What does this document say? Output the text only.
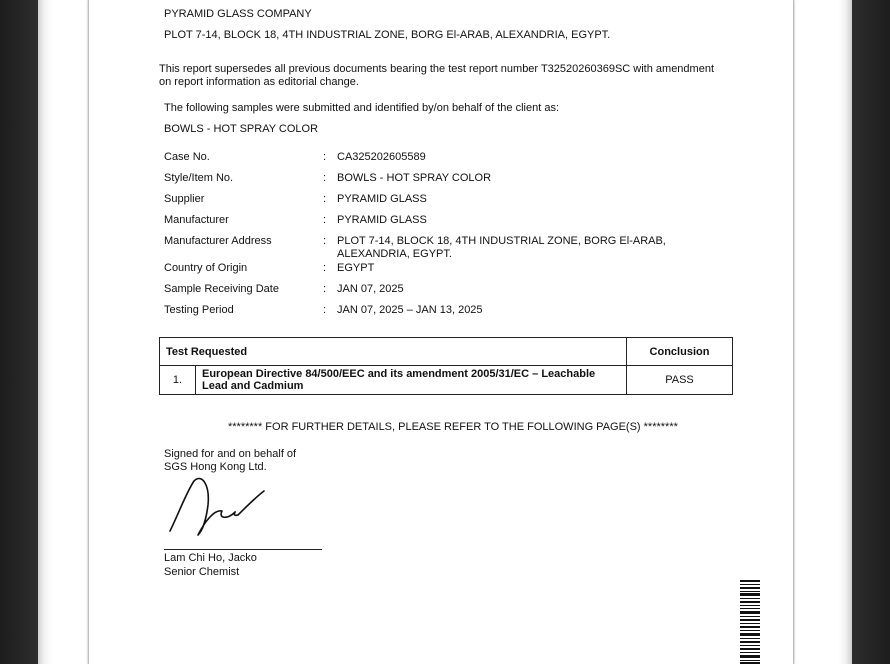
PYRAMID GLASS COMPANY
PLOT 7-14, BLOCK 18, 4TH INDUSTRIAL ZONE, BORG El-ARAB, ALEXANDRIA, EGYPT.
This report supersedes all previous documents bearing the test report number T32520260369SC with amendment on report information as editorial change.
The following samples were submitted and identified by/on behalf of the client as:
BOWLS - HOT SPRAY COLOR
Case No.	: CA325202605589
Style/Item No.	: BOWLS - HOT SPRAY COLOR
Supplier	: PYRAMID GLASS
Manufacturer	: PYRAMID GLASS
Manufacturer Address	: PLOT 7-14, BLOCK 18, 4TH INDUSTRIAL ZONE, BORG El-ARAB, ALEXANDRIA, EGYPT.
Country of Origin	: EGYPT
Sample Receiving Date	: JAN 07, 2025
Testing Period	: JAN 07, 2025 – JAN 13, 2025
Test Requested		Conclusion
1.	European Directive 84/500/EEC and its amendment 2005/31/EC – Leachable Lead and Cadmium	PASS
******** FOR FURTHER DETAILS, PLEASE REFER TO THE FOLLOWING PAGE(S) ********
Signed for and on behalf of
SGS Hong Kong Ltd.
Lam Chi Ho, Jacko
Senior Chemist
